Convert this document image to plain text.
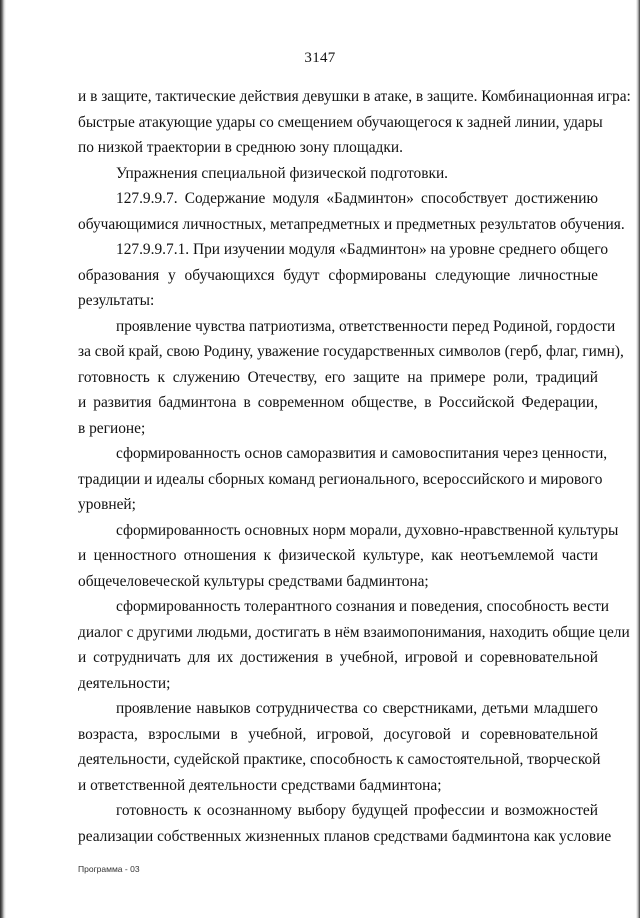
3147
и в защите, тактические действия девушки в атаке, в защите. Комбинационная игра:
быстрые атакующие удары со смещением обучающегося к задней линии, удары
по низкой траектории в среднюю зону площадки.
Упражнения специальной физической подготовки.
127.9.9.7. Содержание модуля «Бадминтон» способствует достижению
обучающимися личностных, метапредметных и предметных результатов обучения.
127.9.9.7.1. При изучении модуля «Бадминтон» на уровне среднего общего
образования у обучающихся будут сформированы следующие личностные
результаты:
проявление чувства патриотизма, ответственности перед Родиной, гордости
за свой край, свою Родину, уважение государственных символов (герб, флаг, гимн),
готовность к служению Отечеству, его защите на примере роли, традиций
и развития бадминтона в современном обществе, в Российской Федерации,
в регионе;
сформированность основ саморазвития и самовоспитания через ценности,
традиции и идеалы сборных команд регионального, всероссийского и мирового
уровней;
сформированность основных норм морали, духовно-нравственной культуры
и ценностного отношения к физической культуре, как неотъемлемой части
общечеловеческой культуры средствами бадминтона;
сформированность толерантного сознания и поведения, способность вести
диалог с другими людьми, достигать в нём взаимопонимания, находить общие цели
и сотрудничать для их достижения в учебной, игровой и соревновательной
деятельности;
проявление навыков сотрудничества со сверстниками, детьми младшего
возраста, взрослыми в учебной, игровой, досуговой и соревновательной
деятельности, судейской практике, способность к самостоятельной, творческой
и ответственной деятельности средствами бадминтона;
готовность к осознанному выбору будущей профессии и возможностей
реализации собственных жизненных планов средствами бадминтона как условие
Программа - 03
